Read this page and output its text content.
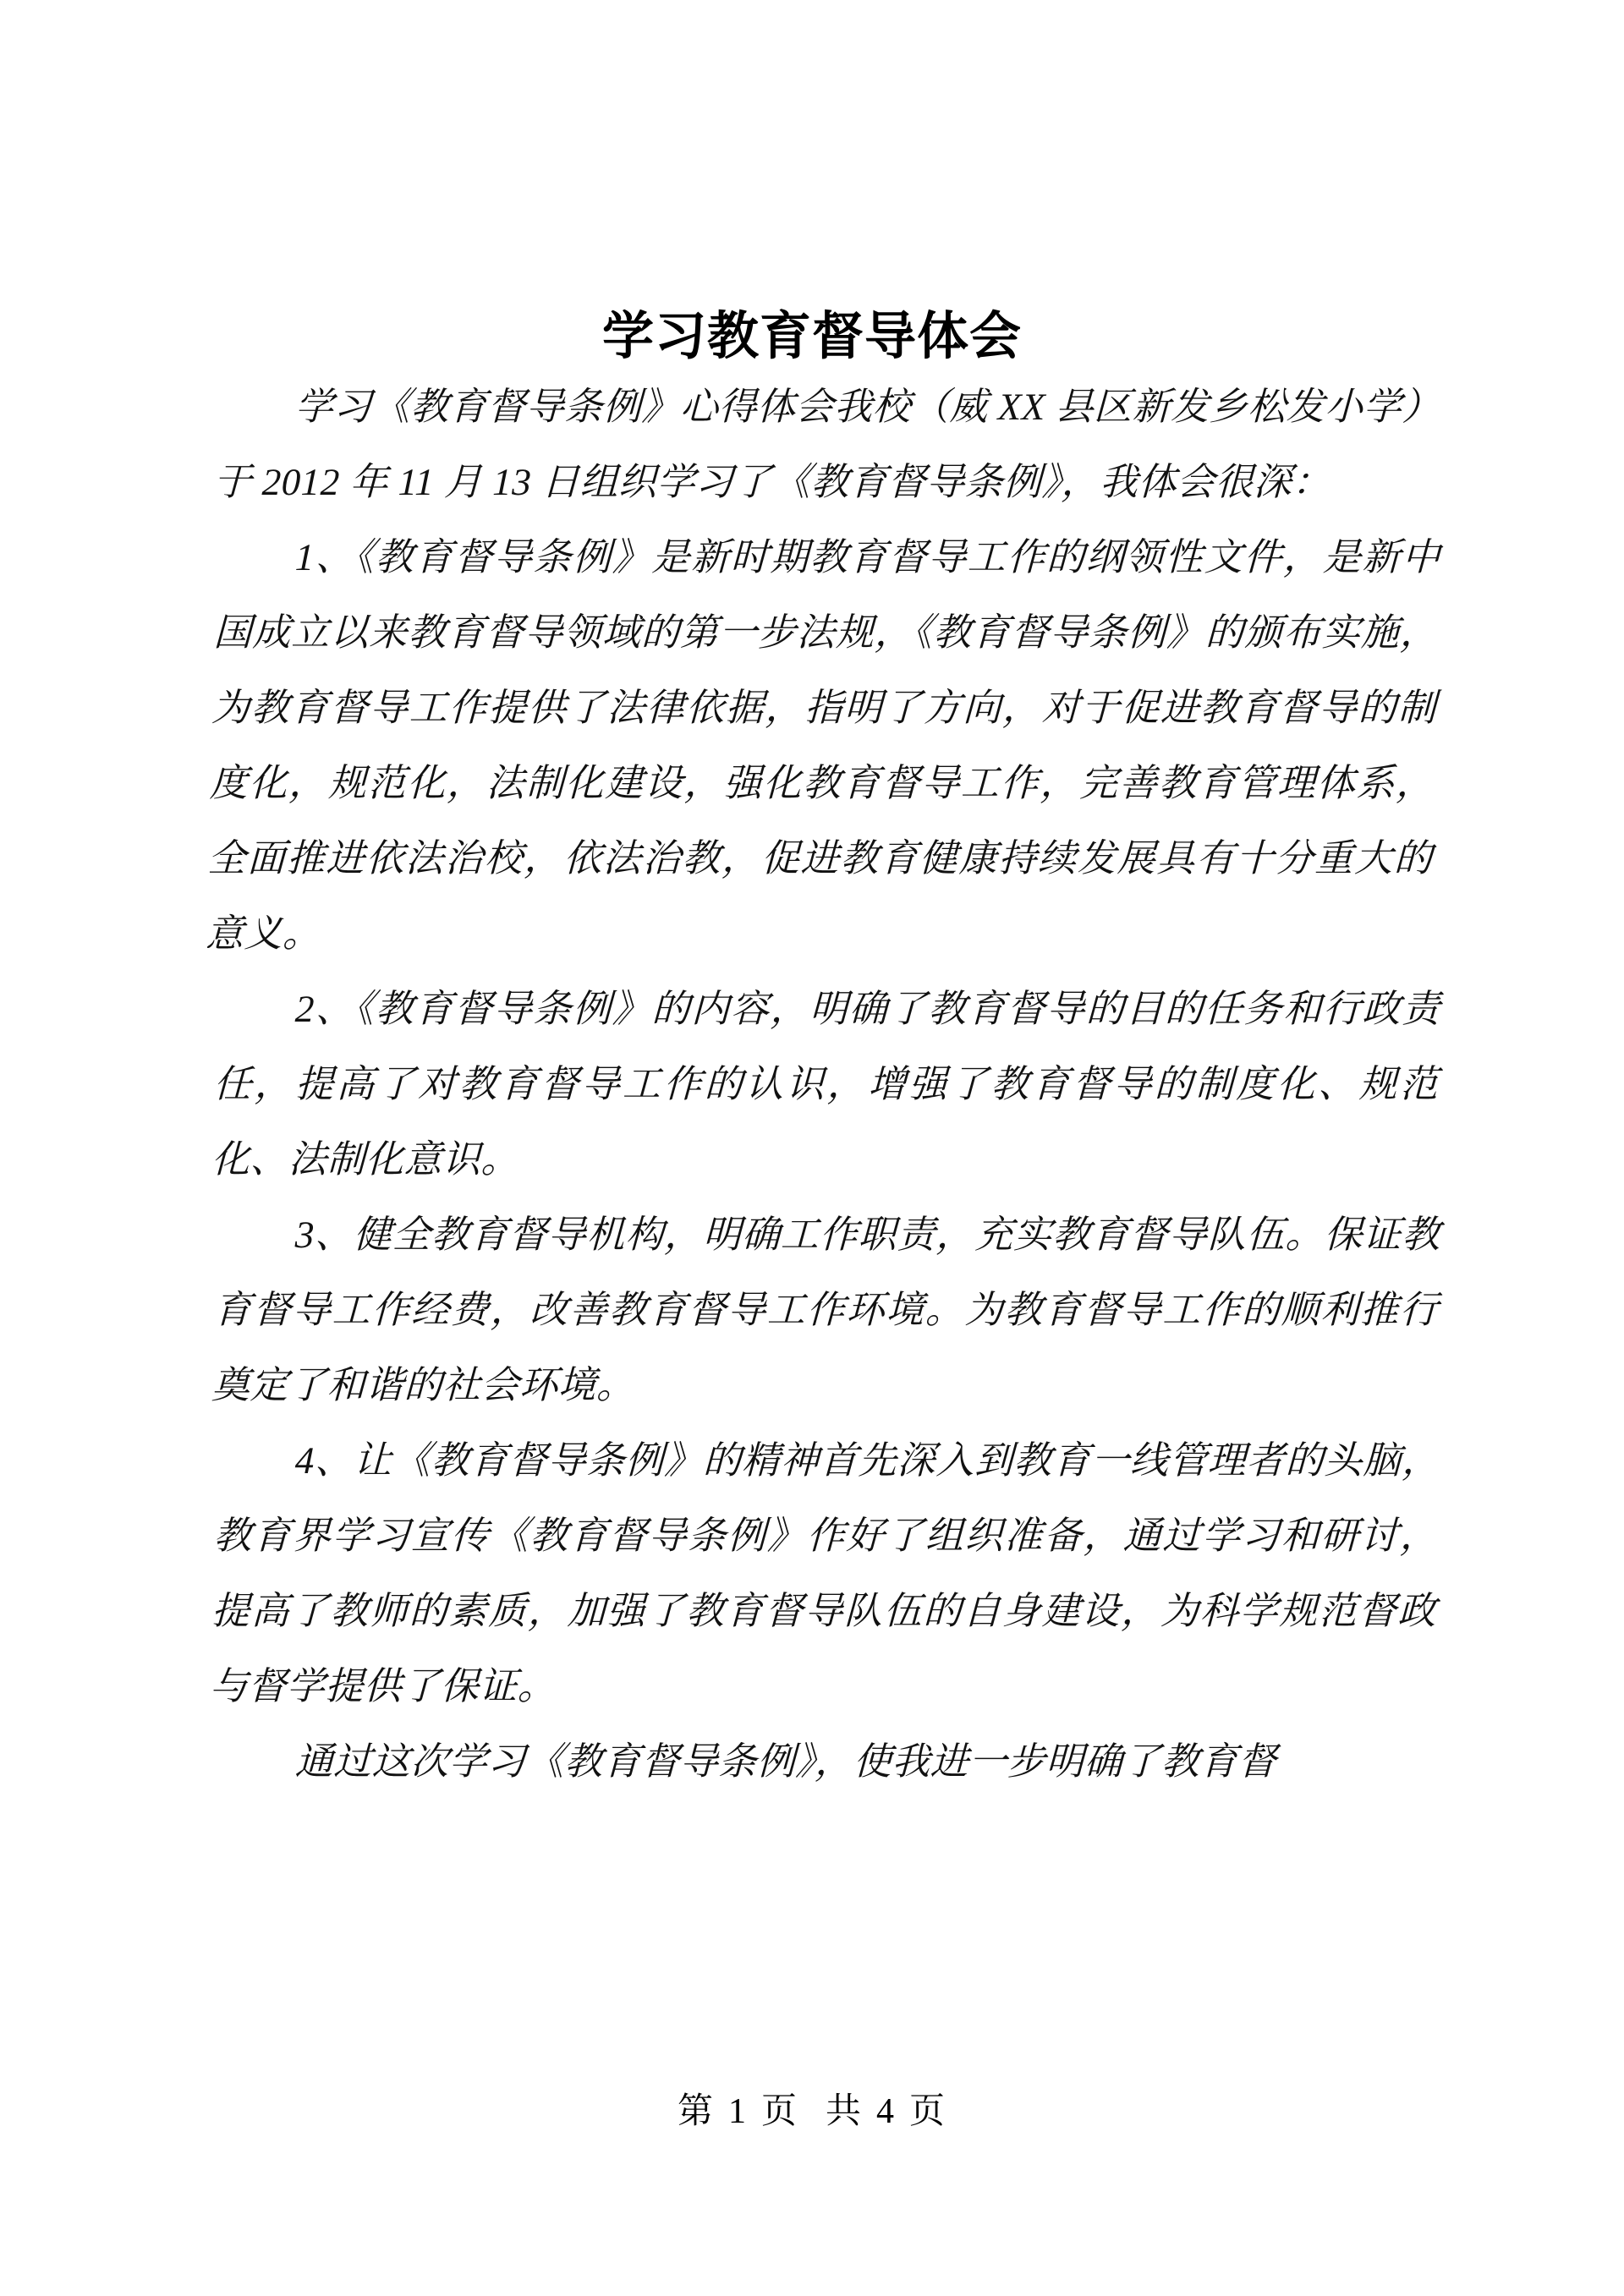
学习教育督导体会

学习《教育督导条例》心得体会我校（威 XX 县区新发乡松发小学）于 2012 年 11 月 13 日组织学习了《教育督导条例》，我体会很深：

1、《教育督导条例》是新时期教育督导工作的纲领性文件，是新中国成立以来教育督导领域的第一步法规，《教育督导条例》的颁布实施，为教育督导工作提供了法律依据，指明了方向，对于促进教育督导的制度化，规范化，法制化建设，强化教育督导工作，完善教育管理体系，全面推进依法治校，依法治教，促进教育健康持续发展具有十分重大的意义。

2、《教育督导条例》的内容，明确了教育督导的目的任务和行政责任，提高了对教育督导工作的认识，增强了教育督导的制度化、规范化、法制化意识。

3、健全教育督导机构，明确工作职责，充实教育督导队伍。保证教育督导工作经费，改善教育督导工作环境。为教育督导工作的顺利推行奠定了和谐的社会环境。

4、让《教育督导条例》的精神首先深入到教育一线管理者的头脑，教育界学习宣传《教育督导条例》作好了组织准备，通过学习和研讨，提高了教师的素质，加强了教育督导队伍的自身建设，为科学规范督政与督学提供了保证。

通过这次学习《教育督导条例》，使我进一步明确了教育督

第 1 页 共 4 页
